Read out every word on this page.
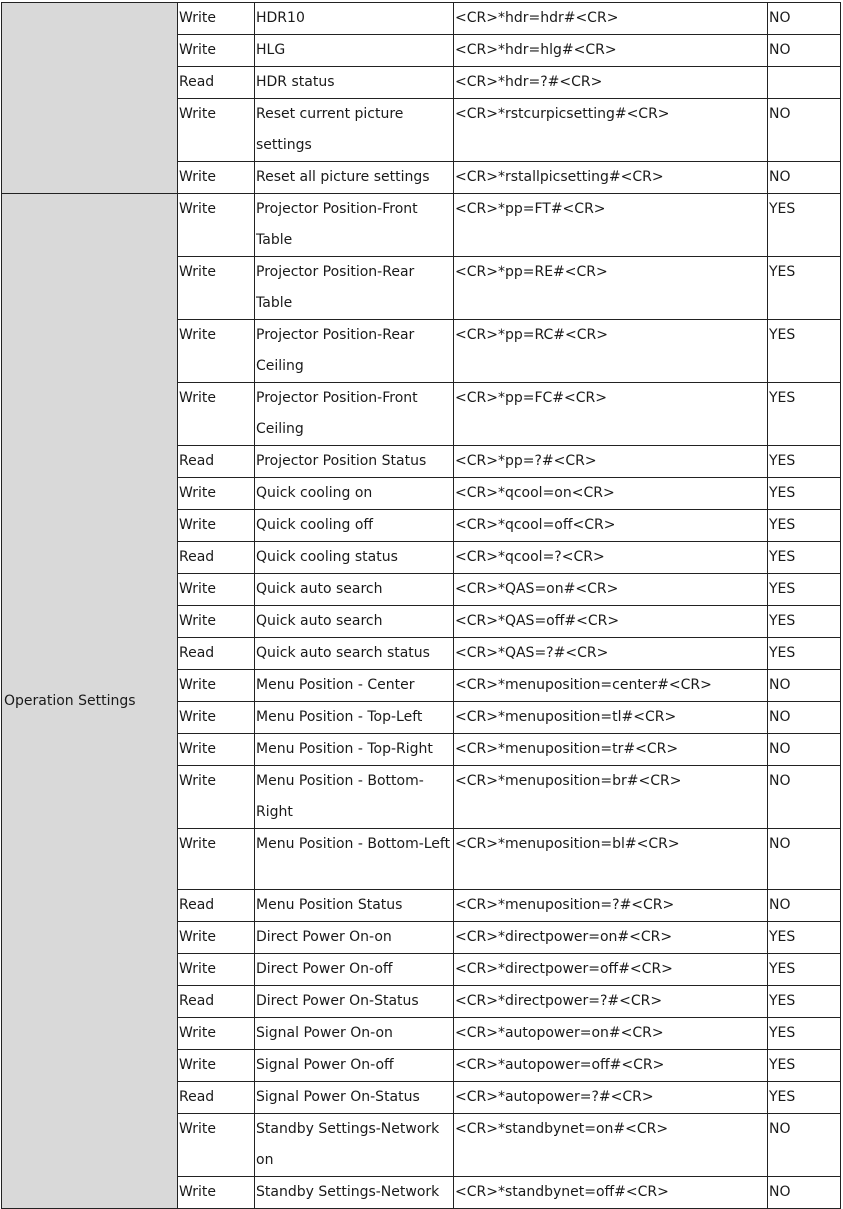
	Write	HDR10	<CR>*hdr=hdr#<CR>	NO
	Write	HLG	<CR>*hdr=hlg#<CR>	NO
	Read	HDR status	<CR>*hdr=?#<CR>	
	Write	Reset current picture settings	<CR>*rstcurpicsetting#<CR>	NO
	Write	Reset all picture settings	<CR>*rstallpicsetting#<CR>	NO
Operation Settings	Write	Projector Position-Front Table	<CR>*pp=FT#<CR>	YES
	Write	Projector Position-Rear Table	<CR>*pp=RE#<CR>	YES
	Write	Projector Position-Rear Ceiling	<CR>*pp=RC#<CR>	YES
	Write	Projector Position-Front Ceiling	<CR>*pp=FC#<CR>	YES
	Read	Projector Position Status	<CR>*pp=?#<CR>	YES
	Write	Quick cooling on	<CR>*qcool=on<CR>	YES
	Write	Quick cooling off	<CR>*qcool=off<CR>	YES
	Read	Quick cooling status	<CR>*qcool=?<CR>	YES
	Write	Quick auto search	<CR>*QAS=on#<CR>	YES
	Write	Quick auto search	<CR>*QAS=off#<CR>	YES
	Read	Quick auto search status	<CR>*QAS=?#<CR>	YES
	Write	Menu Position - Center	<CR>*menuposition=center#<CR>	NO
	Write	Menu Position - Top-Left	<CR>*menuposition=tl#<CR>	NO
	Write	Menu Position - Top-Right	<CR>*menuposition=tr#<CR>	NO
	Write	Menu Position - Bottom-Right	<CR>*menuposition=br#<CR>	NO
	Write	Menu Position - Bottom-Left	<CR>*menuposition=bl#<CR>	NO
	Read	Menu Position Status	<CR>*menuposition=?#<CR>	NO
	Write	Direct Power On-on	<CR>*directpower=on#<CR>	YES
	Write	Direct Power On-off	<CR>*directpower=off#<CR>	YES
	Read	Direct Power On-Status	<CR>*directpower=?#<CR>	YES
	Write	Signal Power On-on	<CR>*autopower=on#<CR>	YES
	Write	Signal Power On-off	<CR>*autopower=off#<CR>	YES
	Read	Signal Power On-Status	<CR>*autopower=?#<CR>	YES
	Write	Standby Settings-Network on	<CR>*standbynet=on#<CR>	NO
	Write	Standby Settings-Network	<CR>*standbynet=off#<CR>	NO
